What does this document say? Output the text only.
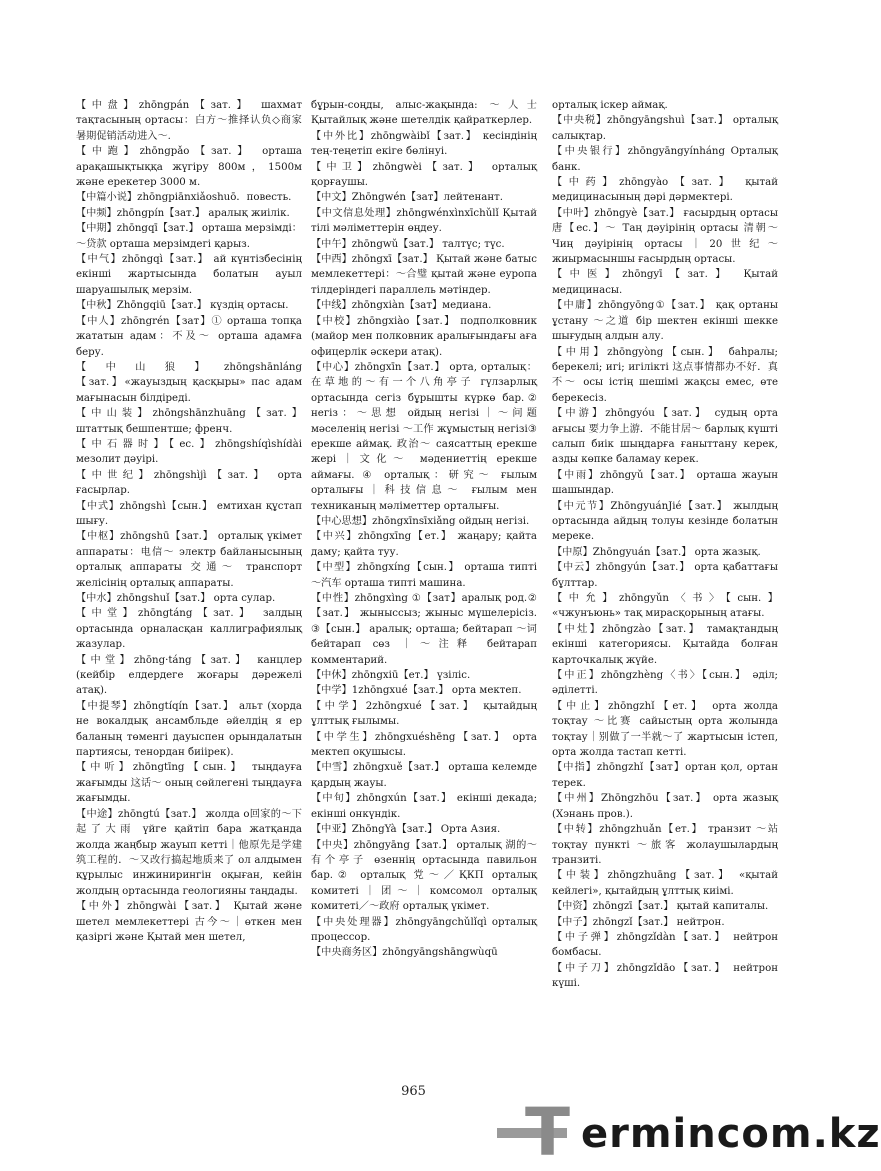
【中盘】zhōngpán【зат.】 шахмат тақтасының ортасы：白方～推择认负◇商家暑期促销活动进入～.

【中跑】zhōngpǎo【зат.】 орташа арақашықтыққа жүгіру 800м，1500м және ерекетер 3000 м.

【中篇小说】zhōngpiānxiǎoshuō．повесть.

【中频】zhōngpín【зат.】 аралық жиілік.

【中期】zhōngqī【зат.】 орташа мерзімді：～贷款 орташа мерзімдегі қарыз.

【中气】zhōngqì【зат.】 ай күнтізбесінің екінші жартысында болатын ауыл шаруашылық мерзім.

【中秋】Zhōngqiū【зат.】 күздің ортасы.

【中人】zhōngrén【зат】① орташа топқа жататын адам：不及～ орташа адамға беру.

【中山狼】zhōngshānláng【зат.】«жауыздың қасқыры» пас адам мағынасын білдіреді.

【中山装】zhōngshānzhuāng【зат.】штаттық бешпентше; френч.

【中石器时】【ес.】zhōngshíqìshídài мезолит дәуірі.

【中世纪】zhōngshìjì【зат.】 орта ғасырлар.

【中式】zhōngshì【сын.】 емтихан құстап шығу.

【中枢】zhōngshū【зат.】 орталық үкімет аппараты：电信～ электр байланысының орталық аппараты 交通～ транспорт желісінің орталық аппараты.

【中水】zhōngshuǐ【зат.】 орта сулар.

【中堂】zhōngtáng【зат.】 залдың ортасында орналасқан каллиграфиялық жазулар.

【中堂】zhōng·táng【зат.】 канцлер (кейбір елдердеге жоғары дәрежелі атақ).

【中提琴】zhōngtíqín【зат.】 альт (хорда не вокалдық ансамбльде әйелдің я ер баланың төменгі дауыспен орындалатын партиясы, тенордан биіірек).

【中听】zhōngtīng【сын.】 тыңдауға жағымды 这话～ оның сөйлегені тыңдауға жағымды.

【中途】zhōngtú【зат.】 жолда о回家的～下起了大雨 үйге қайтіп бара жатқанда жолда жаңбыр жауып кетті｜他原先是学建筑工程的．～又改行搞起地质来了 ол алдымен құрылыс инжинирингін оқыған, кейін жолдың ортасында геологияны таңдады.

【中外】zhōngwài【зат.】 Қытай және шетел мемлекеттері 古今～｜өткен мен қазіргі және Қытай мен шетел,

бұрын-соңды, алыс-жақында: ～人士 Қытайлық және шетелдік қайраткерлер.

【中外比】zhōngwàibǐ【зат.】 кесіндінің тең-теңетіп екіге бөлінуі.

【中卫】zhōngwèi【зат.】 орталық қорғаушы.

【中文】Zhōngwén【зат】лейтенант.

【中文信息处理】zhōngwénxìnxīchǔlǐ Қытай тілі мәліметтерін өңдеу.

【中午】zhōngwǔ【зат.】 талтүс; түс.

【中西】zhōngxī【зат.】 Қытай және батыс мемлекеттері：～合璧 қытай және еуропа тілдеріндегі параллель мәтіндер.

【中线】zhōngxiàn【зат】медиана.

【中校】zhōngxiào【зат.】 подполковник (майор мен полковник аралығындағы аға офицерлік әскери атақ).

【中心】zhōngxīn【зат.】 орта, орталық：在草地的～有一个八角亭子 гүлзарлық ортасында сегіз бұрышты күркө бар.② негіз：～思想 ойдың негізі｜～问题 мәселенің негізі ～工作 жұмыстың негізі③ ерекше аймақ. 政治～ саясаттың ерекше жері｜文化～ мәдениеттің ерекше аймағы. ④ орталық：研究～ ғылым орталығы｜科技信息～ ғылым мен техниканың мәліметтер орталығы.

【中心思想】zhōngxīnsīxiǎng ойдың негізі.

【中兴】zhōngxīng【ет.】 жаңару; қайта даму; қайта туу.

【中型】zhōngxíng【сын.】 орташа типті ～汽车 орташа типті машина.

【中性】zhōngxìng ①【зат】аралық род.②【зат.】 жыныссыз; жыныс мүшелерісіз. ③【сын.】 аралық; орташа; бейтарап ～词 бейтарап сөз ｜～注释 бейтарап комментарий.

【中休】zhōngxiū【ет.】 үзіліс.

【中学】1zhōngxué【зат.】 орта мектеп.

【中学】2zhōngxué【зат.】 қытайдың ұлттық ғылымы.

【中学生】zhōngxuéshēng【зат.】 орта мектеп оқушысы.

【中雪】zhōngxuě【зат.】 орташа келемде қардың жауы.

【中旬】zhōngxún【зат.】 екінші декада; екінші онкүндік.

【中亚】ZhōngYà【зат.】 Орта Азия.

【中央】zhōngyāng【зат.】 орталық 湖的～有个亭子 өзеннің ортасында павильон бар.② орталық 党～／ҚКП орталық комитеті｜团～｜комсомол орталық комитеті／～政府 орталық үкімет.

【中央处理器】zhōngyāngchǔlǐqì орталық процессор.

【中央商务区】zhōngyāngshāngwùqū

орталық іскер аймақ.

【中央税】zhōngyāngshuì【зат.】 орталық салықтар.

【中央银行】zhōngyāngyínháng Орталық банк.

【中药】zhōngyào【зат.】 қытай медицинасының дәрі дәрмектері.

【中叶】zhōngyè【зат.】 ғасырдың ортасы 唐【ес.】～ Таң дәуірінің ортасы 清朝～ Чиң дәуірінің ортасы｜20世纪～ жиырмасыншы ғасырдың ортасы.

【中医】zhōngyī【зат.】 Қытай медицинасы.

【中庸】zhōngyōng①【зат.】 қақ ортаны ұстану ～之道 бір шектен екінші шекке шығудың алдын алу.

【中用】zhōngyòng【сын.】 баһралы; берекелі; игі; игілікті 这点事情都办不好．真不～ осы істің шешімі жақсы емес, өте берекесіз.

【中游】zhōngyóu【зат.】 судың орта ағысы 要力争上游．不能甘居～ барлық күшті салып биік шыңдарға ғаныттану керек, азды көпке баламау керек.

【中雨】zhōngyǔ【зат.】 орташа жауын шашындар.

【中元节】ZhōngyuánJié【зат.】 жылдың ортасында айдың толуы кезінде болатын мереке.

【中原】Zhōngyuán【зат.】 орта жазық.

【中云】zhōngyún【зат.】 орта қабаттағы бұлттар.

【中允】zhōngyǔn〈书〉【сын.】 «чжунъюнь» тақ мирасқорының атағы.

【中灶】zhōngzào【зат.】 тамақтандың екінші категориясы. Қытайда болған карточкалық жүйе.

【中正】zhōngzhèng〈书〉【сын.】 әділ; әділетті.

【中止】zhōngzhǐ【ет.】 орта жолда тоқтау ～比赛 сайыстың орта жолында тоқтау｜别做了一半就～了 жартысын істеп, орта жолда тастап кетті.

【中指】zhōngzhǐ【зат】ортан қол, ортан терек.

【中州】Zhōngzhōu【зат.】 орта жазық (Хэнань пров.).

【中转】zhōngzhuǎn【ет.】 транзит ～站 тоқтау пункті ～旅客 жолаушылардың транзиті.

【中装】zhōngzhuāng【зат.】 «қытай кейлегі», қытайдың ұлттық киімі.

【中资】zhōngzī【зат.】 қытай капиталы.

【中子】zhōngzǐ【зат.】 нейтрон.

【中子弹】zhōngzǐdàn【зат.】 нейтрон бомбасы.

【中子刀】zhōngzǐdāo【зат.】 нейтрон күші.

965
T ermincom.kz
